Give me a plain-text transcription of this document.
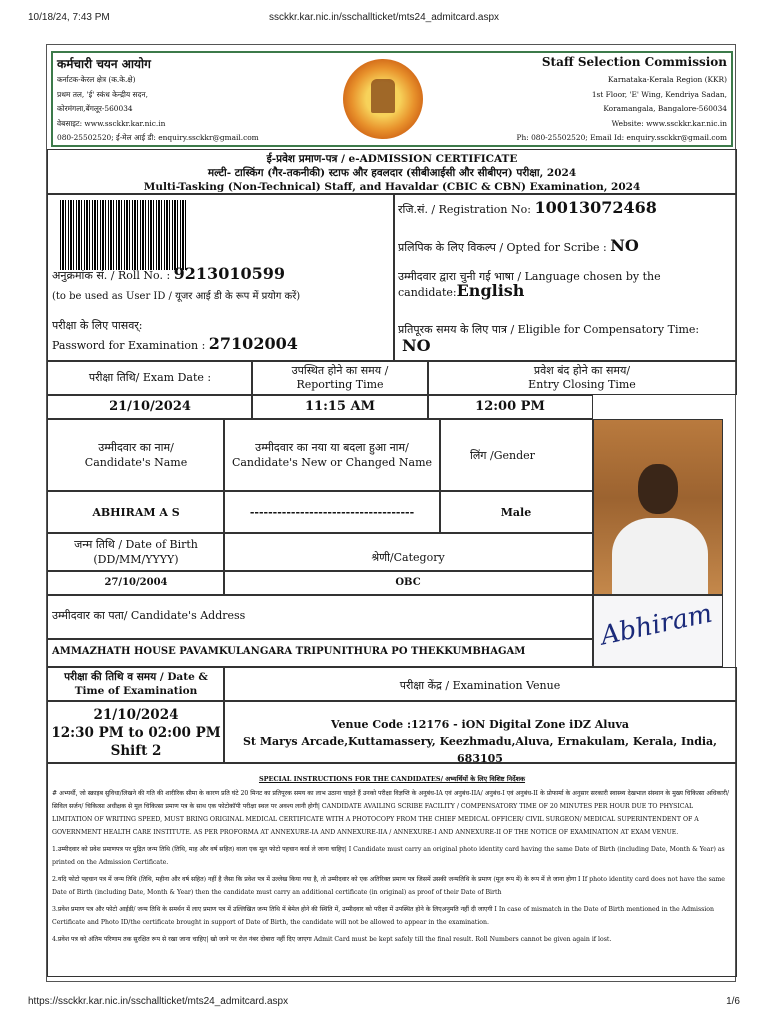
10/18/24, 7:43 PM	ssckkr.kar.nic.in/sschallticket/mts24_admitcard.aspx
कर्मचारी चयन आयोग
कर्नाटक-केरल क्षेत्र (क.के.क्षे)
प्रथम तल, 'ई' स्कंध केन्द्रीय सदन,
कोरमंगला,बेंगलूर-560034
वेबसाइट: www.ssckkr.kar.nic.in
080-25502520; ई-मेल आई डी: enquiry.ssckkr@gmail.com
Staff Selection Commission
Karnataka-Kerala Region (KKR)
1st Floor, 'E' Wing, Kendriya Sadan,
Koramangala, Bangalore-560034
Website: www.ssckkr.kar.nic.in
Ph: 080-25502520; Email Id: enquiry.ssckkr@gmail.com
ई-प्रवेश प्रमाण-पत्र / e-ADMISSION CERTIFICATE
मल्टी- टास्किंग (गैर-तकनीकी) स्टाफ और हवलदार (सीबीआईसी और सीबीएन) परीक्षा, 2024
Multi-Tasking (Non-Technical) Staff, and Havaldar (CBIC & CBN) Examination, 2024
अनुक्रमांक सं. / Roll No. : 9213010599
(to be used as User ID / यूजर आई डी के रूप में प्रयोग करें)
परीक्षा के लिए पासवर्:
Password for Examination : 27102004
रजि.सं. / Registration No: 10013072468
प्रलिपिक के लिए विकल्प / Opted for Scribe : NO
उम्मीदवार द्वारा चुनी गई भाषा / Language chosen by the
candidate:English
प्रतिपूरक समय के लिए पात्र / Eligible for Compensatory Time:
NO
परीक्षा तिथि/ Exam Date :
उपस्थित होने का समय /
Reporting Time
प्रवेश बंद होने का समय/
Entry Closing Time
21/10/2024	11:15 AM	12:00 PM
उम्मीदवार का नाम/
Candidate's Name
उम्मीदवार का नया या बदला हुआ नाम/
Candidate's New or Changed Name
लिंग /Gender
ABHIRAM A S	------------------------------------	Male
जन्म तिथि / Date of Birth
(DD/MM/YYYY)	श्रेणी/Category
27/10/2004	OBC
उम्मीदवार का पता/ Candidate's Address
AMMAZHATH HOUSE PAVAMKULANGARA TRIPUNITHURA PO THEKKUMBHAGAM
Abhiram
परीक्षा की तिथि व समय / Date &
Time of Examination	परीक्षा केंद्र / Examination Venue
21/10/2024
12:30 PM to 02:00 PM
Shift 2
Venue Code :12176 - iON Digital Zone iDZ Aluva
St Marys Arcade,Kuttamassery, Keezhmadu,Aluva, Ernakulam, Kerala, India, 683105
SPECIAL INSTRUCTIONS FOR THE CANDIDATES/ अभ्यर्थियों के लिए विशिष्ट निर्देशक

# अभ्यर्थी, जो स्क्राइब सुविधा/लिखने की गति की शारीरिक सीमा के कारण प्रति घंटे 20 मिनट का प्रतिपूरक समय का लाभ उठाना चाहते हैं उनको परीक्षा विज्ञप्ति के अनुबंध-IA एवं अनुबंध-IIA/ अनुबंध-I एवं अनुबंध-II के प्रोफार्मा के अनुसार सरकारी स्वास्थ्य देखभाल संस्थान के मुख्य चिकित्सा अधिकारी/सिविल सर्जन/ चिकित्सा अधीक्षक से मूल चिकित्सा प्रमाण पत्र के साथ एक फोटोकॉपी परीक्षा स्थल पर अवश्य लानी होगी| CANDIDATE AVAILING SCRIBE FACILITY / COMPENSATORY TIME OF 20 MINUTES PER HOUR DUE TO PHYSICAL LIMITATION OF WRITING SPEED, MUST BRING ORIGINAL MEDICAL CERTIFICATE WITH A PHOTOCOPY FROM THE CHIEF MEDICAL OFFICER/ CIVIL SURGEON/ MEDICAL SUPERINTENDENT OF A GOVERNMENT HEALTH CARE INSTITUTE. AS PER PROFORMA AT ANNEXURE-IA AND ANNEXURE-IIA / ANNEXURE-I AND ANNEXURE-II OF THE NOTICE OF EXAMINATION AT EXAM VENUE.

1.उम्मीदवार को प्रवेश प्रमाणपत्र पर मुद्रित जन्म तिथि (तिथि, माह और वर्ष सहित) वाला एक मूल फोटो पहचान कार्ड ले जाना चाहिए| I Candidate must carry an original photo identity card having the same Date of Birth (including Date, Month & Year) as printed on the Admission Certificate.

2.यदि फोटो पहचान पत्र में जन्म तिथि (तिथि, महीना और वर्ष सहित) नहीं है जैसा कि प्रवेश पत्र में उल्लेख किया गया है, तो उम्मीदवार को एक अतिरिक्त प्रमाण पत्र जिसमें उसकी जन्मतिथि के प्रमाण (मूल रूप में) के रूप में ले जाना होगा I If photo identity card does not have the same Date of Birth (including Date, Month & Year) then the candidate must carry an additional certificate (in original) as proof of their Date of Birth

3.प्रवेश प्रमाण पत्र और फोटो आईडी/ जन्म तिथि के समर्थन में लाए प्रमाण पत्र में उल्लिखित जन्म तिथि में बेमेल होने की स्थिति में, उम्मीदवार को परीक्षा में उपस्थित होने के लिएअनुमति नहीं दी जाएगी I In case of mismatch in the Date of Birth mentioned in the Admission Certificate and Photo ID/the certificate brought in support of Date of Birth, the candidate will not be allowed to appear in the examination.

4.प्रवेश पत्र को अंतिम परिणाम तक सुरक्षित रूप से रखा जाना चाहिए| खो जाने पर रोल नंबर दोबारा नहीं दिए जाएगा Admit Card must be kept safely till the final result. Roll Numbers cannot be given again if lost.

https://ssckkr.kar.nic.in/sschallticket/mts24_admitcard.aspx	1/6
